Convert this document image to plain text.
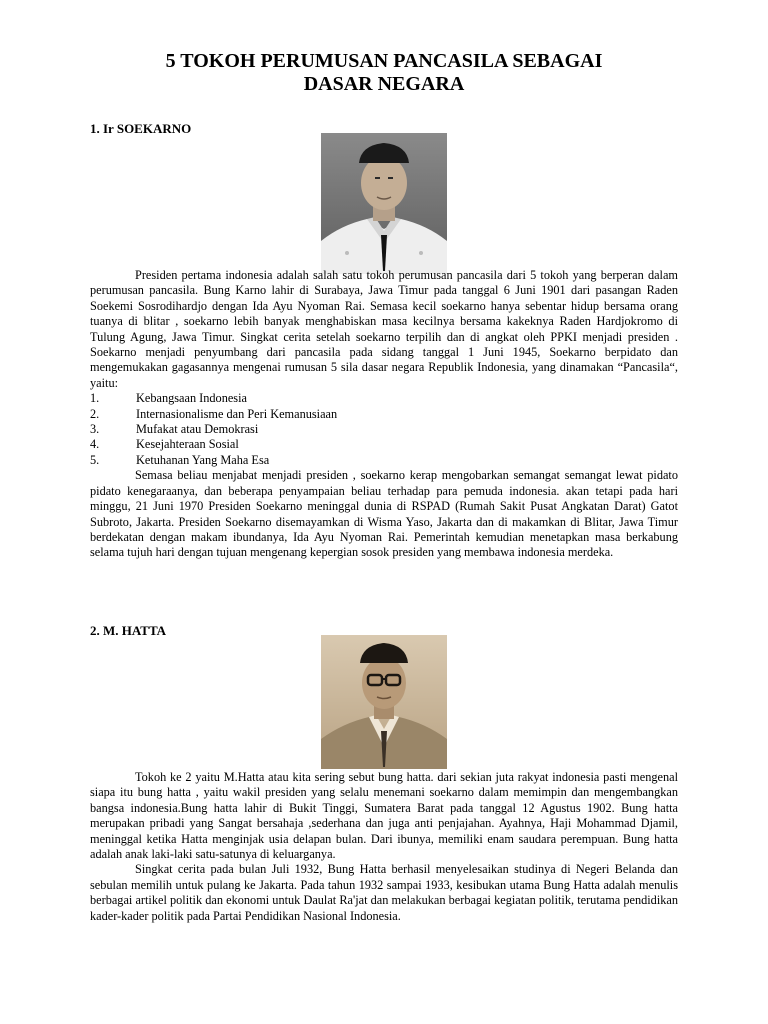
5 TOKOH PERUMUSAN PANCASILA SEBAGAI
DASAR NEGARA
1. Ir SOEKARNO

Presiden pertama indonesia adalah salah satu tokoh perumusan pancasila dari 5 tokoh yang berperan dalam perumusan pancasila. Bung Karno lahir di Surabaya, Jawa Timur pada tanggal 6 Juni 1901 dari pasangan Raden Soekemi Sosrodihardjo dengan Ida Ayu Nyoman Rai. Semasa kecil soekarno hanya sebentar hidup bersama orang tuanya di blitar , soekarno lebih banyak menghabiskan masa kecilnya bersama kakeknya Raden Hardjokromo di Tulung Agung, Jawa Timur. Singkat cerita setelah soekarno terpilih dan di angkat oleh PPKI menjadi presiden . Soekarno menjadi penyumbang dari pancasila pada sidang tanggal 1 Juni 1945, Soekarno berpidato dan mengemukakan gagasannya mengenai rumusan 5 sila dasar negara Republik Indonesia, yang dinamakan “Pancasila“, yaitu:

1.	Kebangsaan Indonesia
2.	Internasionalisme dan Peri Kemanusiaan
3.	Mufakat atau Demokrasi
4.	Kesejahteraan Sosial
5.	Ketuhanan Yang Maha Esa

Semasa beliau menjabat menjadi presiden , soekarno kerap mengobarkan semangat semangat lewat pidato pidato kenegaraanya, dan beberapa penyampaian beliau terhadap para pemuda indonesia. akan tetapi pada hari minggu, 21 Juni 1970 Presiden Soekarno meninggal dunia di RSPAD (Rumah Sakit Pusat Angkatan Darat) Gatot Subroto, Jakarta. Presiden Soekarno disemayamkan di Wisma Yaso, Jakarta dan di makamkan di Blitar, Jawa Timur berdekatan dengan makam ibundanya, Ida Ayu Nyoman Rai. Pemerintah kemudian menetapkan masa berkabung selama tujuh hari dengan tujuan mengenang kepergian sosok presiden yang membawa indonesia merdeka.

2. M. HATTA

Tokoh ke 2 yaitu M.Hatta atau kita sering sebut bung hatta. dari sekian juta rakyat indonesia pasti mengenal siapa itu bung hatta , yaitu wakil presiden yang selalu menemani soekarno dalam memimpin dan mengembangkan bangsa indonesia.Bung hatta lahir di Bukit Tinggi, Sumatera Barat pada tanggal 12 Agustus 1902. Bung hatta merupakan pribadi yang Sangat bersahaja ,sederhana dan juga anti penjajahan. Ayahnya, Haji Mohammad Djamil, meninggal ketika Hatta menginjak usia delapan bulan. Dari ibunya, memiliki enam saudara perempuan. Bung hatta adalah anak laki-laki satu-satunya di keluarganya.

Singkat cerita pada bulan Juli 1932, Bung Hatta berhasil menyelesaikan studinya di Negeri Belanda dan sebulan memilih untuk pulang ke Jakarta. Pada tahun 1932 sampai 1933, kesibukan utama Bung Hatta adalah menulis berbagai artikel politik dan ekonomi untuk Daulat Ra'jat dan melakukan berbagai kegiatan politik, terutama pendidikan kader-kader politik pada Partai Pendidikan Nasional Indonesia.
